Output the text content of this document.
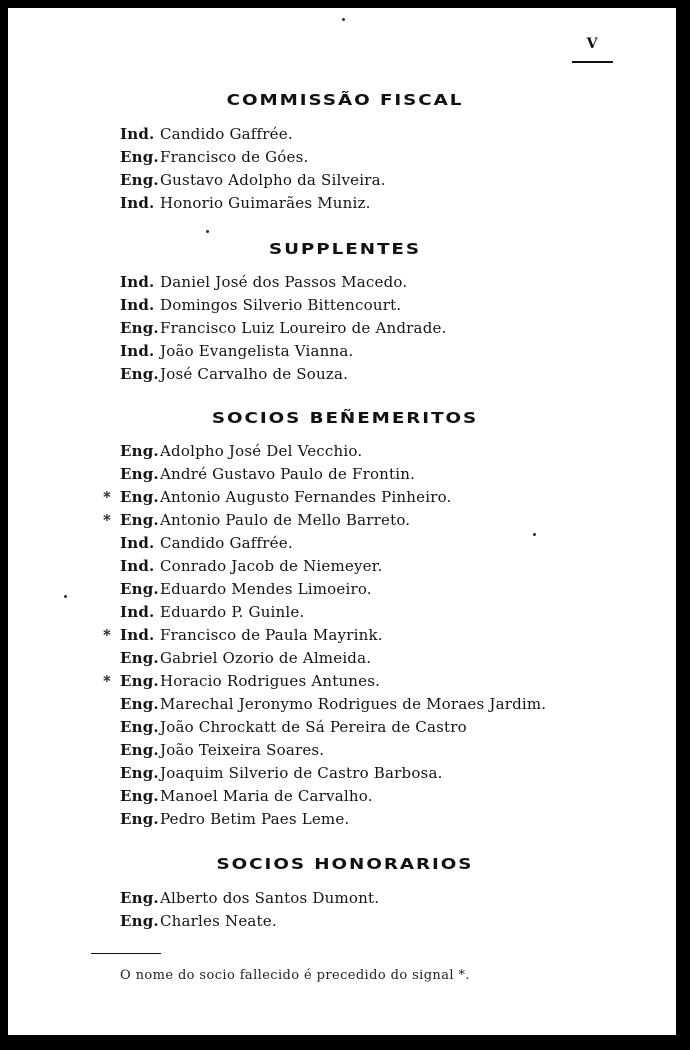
V
COMMISSÃO FISCAL
SUPPLENTES
SOCIOS BEÑEMERITOS
SOCIOS HONORARIOS
Ind. Candido Gaffrée.
Eng.Francisco de Góes.
Eng.Gustavo Adolpho da Silveira.
Ind. Honorio Guimarães Muniz.
Ind. Daniel José dos Passos Macedo.
Ind. Domingos Silverio Bittencourt.
Eng.Francisco Luiz Loureiro de Andrade.
Ind. João Evangelista Vianna.
Eng.José Carvalho de Souza.
Eng.Adolpho José Del Vecchio.
Eng.André Gustavo Paulo de Frontin.
* Eng.Antonio Augusto Fernandes Pinheiro.
* Eng.Antonio Paulo de Mello Barreto.
Ind. Candido Gaffrée.
Ind. Conrado Jacob de Niemeyer.
Eng.Eduardo Mendes Limoeiro.
Ind. Eduardo P. Guinle.
* Ind. Francisco de Paula Mayrink.
Eng.Gabriel Ozorio de Almeida.
* Eng.Horacio Rodrigues Antunes.
Eng.Marechal Jeronymo Rodrigues de Moraes Jardim.
Eng.João Chrockatt de Sá Pereira de Castro
Eng.João Teixeira Soares.
Eng.Joaquim Silverio de Castro Barbosa.
Eng.Manoel Maria de Carvalho.
Eng.Pedro Betim Paes Leme.
Eng.Alberto dos Santos Dumont.
Eng.Charles Neate.
O nome do socio fallecido é precedido do signal *.
